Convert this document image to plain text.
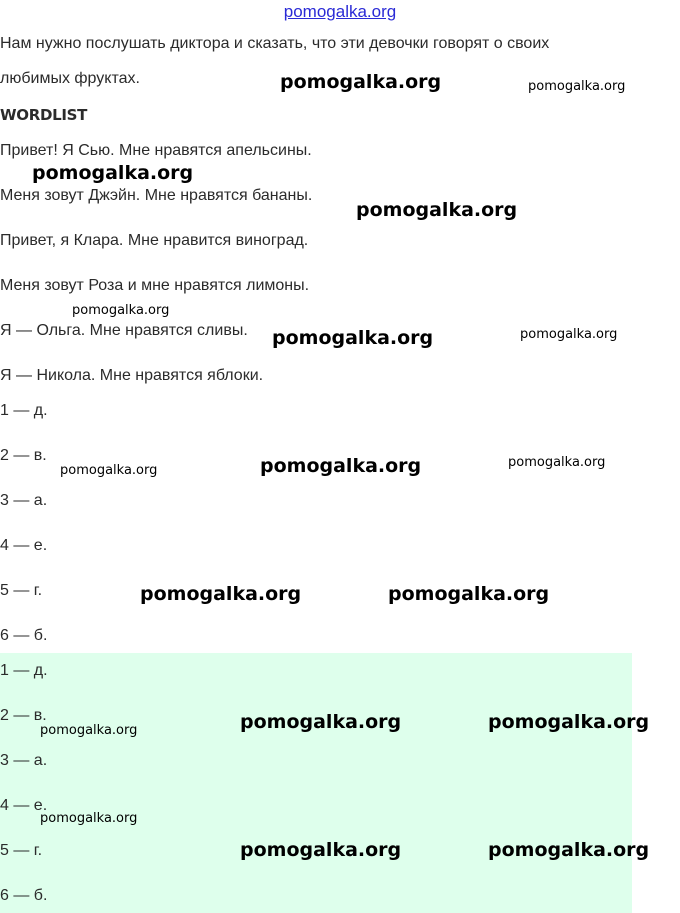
pomogalka.org
Нам нужно послушать диктора и сказать, что эти девочки говорят о своих
любимых фруктах.
WORDLIST
Привет! Я Сью. Мне нравятся апельсины.
Меня зовут Джэйн. Мне нравятся бананы.
Привет, я Клара. Мне нравится виноград.
Меня зовут Роза и мне нравятся лимоны.
Я — Ольга. Мне нравятся сливы.
Я — Никола. Мне нравятся яблоки.
1 — д.
2 — в.
3 — а.
4 — е.
5 — г.
6 — б.
1 — д.
2 — в.
3 — а.
4 — е.
5 — г.
6 — б.
pomogalka.org	pomogalka.org
pomogalka.org
pomogalka.org
pomogalka.org
pomogalka.org	pomogalka.org
pomogalka.org	pomogalka.org	pomogalka.org
pomogalka.org	pomogalka.org
pomogalka.org	pomogalka.org
pomogalka.org
pomogalka.org
pomogalka.org	pomogalka.org
